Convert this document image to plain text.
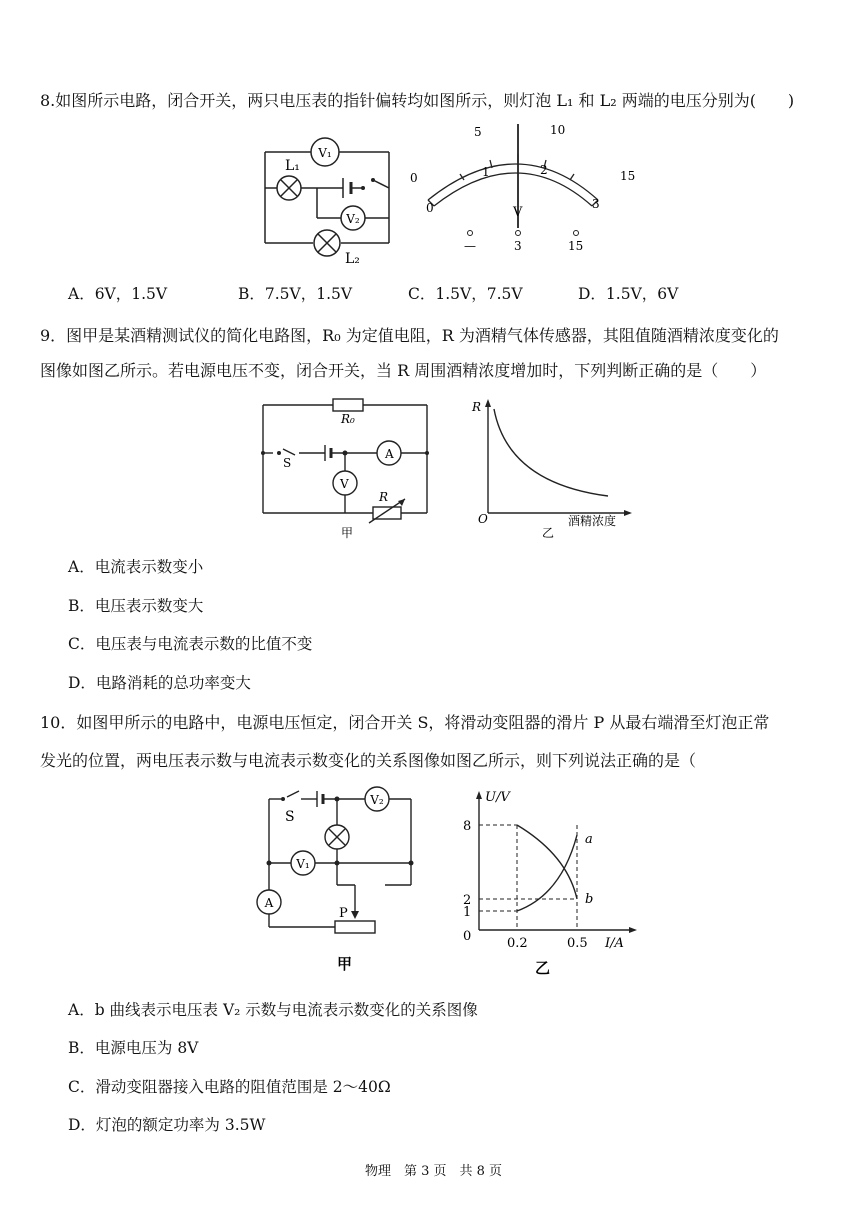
8.如图所示电路，闭合开关，两只电压表的指针偏转均如图所示，则灯泡 L₁ 和 L₂ 两端的电压分别为(　　)
V₁
V₂
L₁
L₂
0
5	10
15
0
1	2
3
V
—	3	15
A．6V，1.5V	B．7.5V，1.5V	C．1.5V，7.5V	D．1.5V，6V
9．图甲是某酒精测试仪的简化电路图，R₀ 为定值电阻，R 为酒精气体传感器，其阻值随酒精浓度变化的
图像如图乙所示。若电源电压不变，闭合开关，当 R 周围酒精浓度增加时，下列判断正确的是（　　）
R₀
S
A
V
R
甲
R
O	酒精浓度
乙
A．电流表示数变小
B．电压表示数变大
C．电压表与电流表示数的比值不变
D．电路消耗的总功率变大
10．如图甲所示的电路中，电源电压恒定，闭合开关 S，将滑动变阻器的滑片 P 从最右端滑至灯泡正常
发光的位置，两电压表示数与电流表示数变化的关系图像如图乙所示，则下列说法正确的是（
S
V₂
V₁
A
P
甲
U/V
I/A
0
8
2
1
0.2	0.5
a
b
乙
A．b 曲线表示电压表 V₂ 示数与电流表示数变化的关系图像
B．电源电压为 8V
C．滑动变阻器接入电路的阻值范围是 2～40Ω
D．灯泡的额定功率为 3.5W
物理　第 3 页　共 8 页
